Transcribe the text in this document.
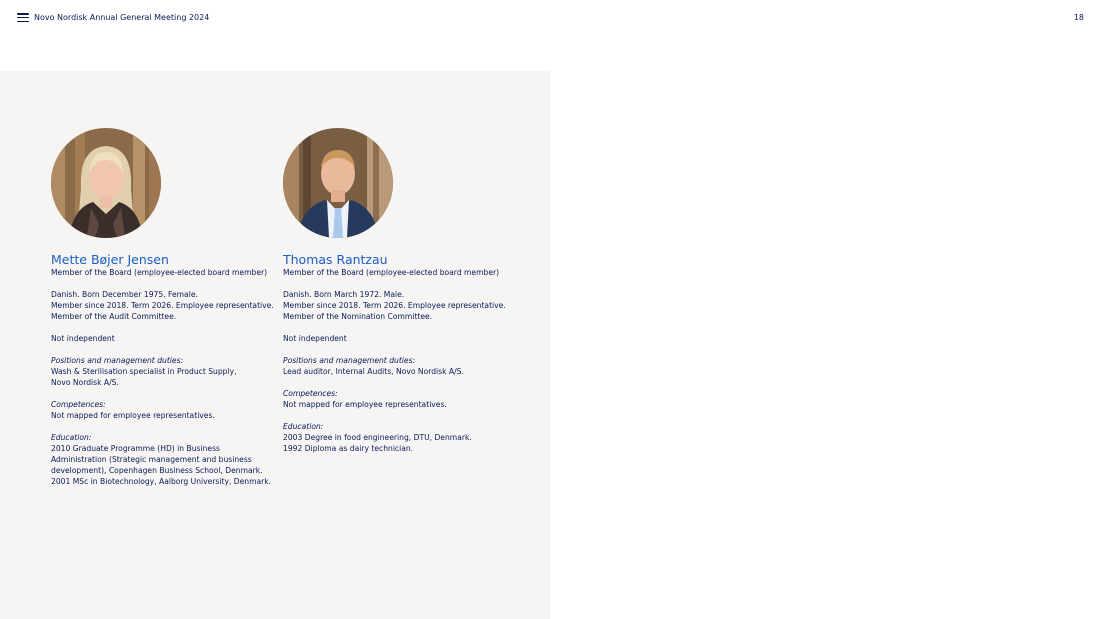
Novo Nordisk Annual General Meeting 2024	18
Mette Bøjer Jensen
Member of the Board (employee-elected board member)
Danish. Born December 1975. Female.
Member since 2018. Term 2026. Employee representative.
Member of the Audit Committee.
Not independent
Positions and management duties:
Wash & Sterilisation specialist in Product Supply,
Novo Nordisk A/S.
Competences:
Not mapped for employee representatives.
Education:
2010 Graduate Programme (HD) in Business
Administration (Strategic management and business
development), Copenhagen Business School, Denmark.
2001 MSc in Biotechnology, Aalborg University, Denmark.
Thomas Rantzau
Member of the Board (employee-elected board member)
Danish. Born March 1972. Male.
Member since 2018. Term 2026. Employee representative.
Member of the Nomination Committee.
Not independent
Positions and management duties:
Lead auditor, Internal Audits, Novo Nordisk A/S.
Competences:
Not mapped for employee representatives.
Education:
2003 Degree in food engineering, DTU, Denmark.
1992 Diploma as dairy technician.
